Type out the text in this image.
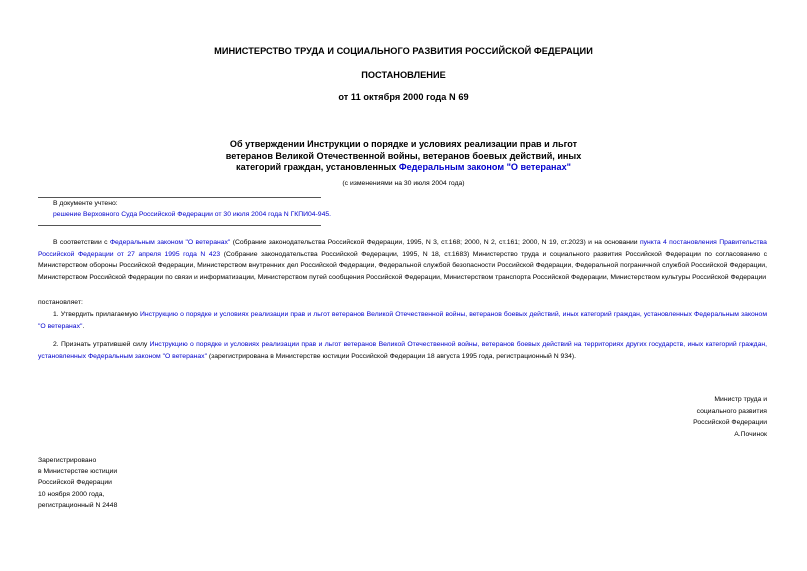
МИНИСТЕРСТВО ТРУДА И СОЦИАЛЬНОГО РАЗВИТИЯ РОССИЙСКОЙ ФЕДЕРАЦИИ
ПОСТАНОВЛЕНИЕ
от 11 октября 2000 года N 69
Об утверждении Инструкции о порядке и условиях реализации прав и льгот
ветеранов Великой Отечественной войны, ветеранов боевых действий, иных
категорий граждан, установленных Федеральным законом "О ветеранах"
(с изменениями на 30 июля 2004 года)
В документе учтено:
решение Верховного Суда Российской Федерации от 30 июля 2004 года N ГКПИ04-945.
В соответствии с Федеральным законом "О ветеранах" (Собрание законодательства Российской Федерации, 1995, N 3, ст.168; 2000, N 2, ст.161; 2000, N 19, ст.2023) и на основании пункта 4 постановления Правительства Российской Федерации от 27 апреля 1995 года N 423 (Собрание законодательства Российской Федерации, 1995, N 18, ст.1683) Министерство труда и социального развития Российской Федерации по согласованию с Министерством обороны Российской Федерации, Министерством внутренних дел Российской Федерации, Федеральной службой безопасности Российской Федерации, Федеральной пограничной службой Российской Федерации, Министерством Российской Федерации по связи и информатизации, Министерством путей сообщения Российской Федерации, Министерством транспорта Российской Федерации, Министерством культуры Российской Федерации
постановляет:
1. Утвердить прилагаемую Инструкцию о порядке и условиях реализации прав и льгот ветеранов Великой Отечественной войны, ветеранов боевых действий, иных категорий граждан, установленных Федеральным законом "О ветеранах".
2. Признать утратившей силу Инструкцию о порядке и условиях реализации прав и льгот ветеранов Великой Отечественной войны, ветеранов боевых действий на территориях других государств, иных категорий граждан, установленных Федеральным законом "О ветеранах" (зарегистрирована в Министерстве юстиции Российской Федерации 18 августа 1995 года, регистрационный N 934).
Министр труда и
социального развития
Российской Федерации
А.Починок
Зарегистрировано
в Министерстве юстиции
Российской Федерации
10 ноября 2000 года,
регистрационный N 2448
